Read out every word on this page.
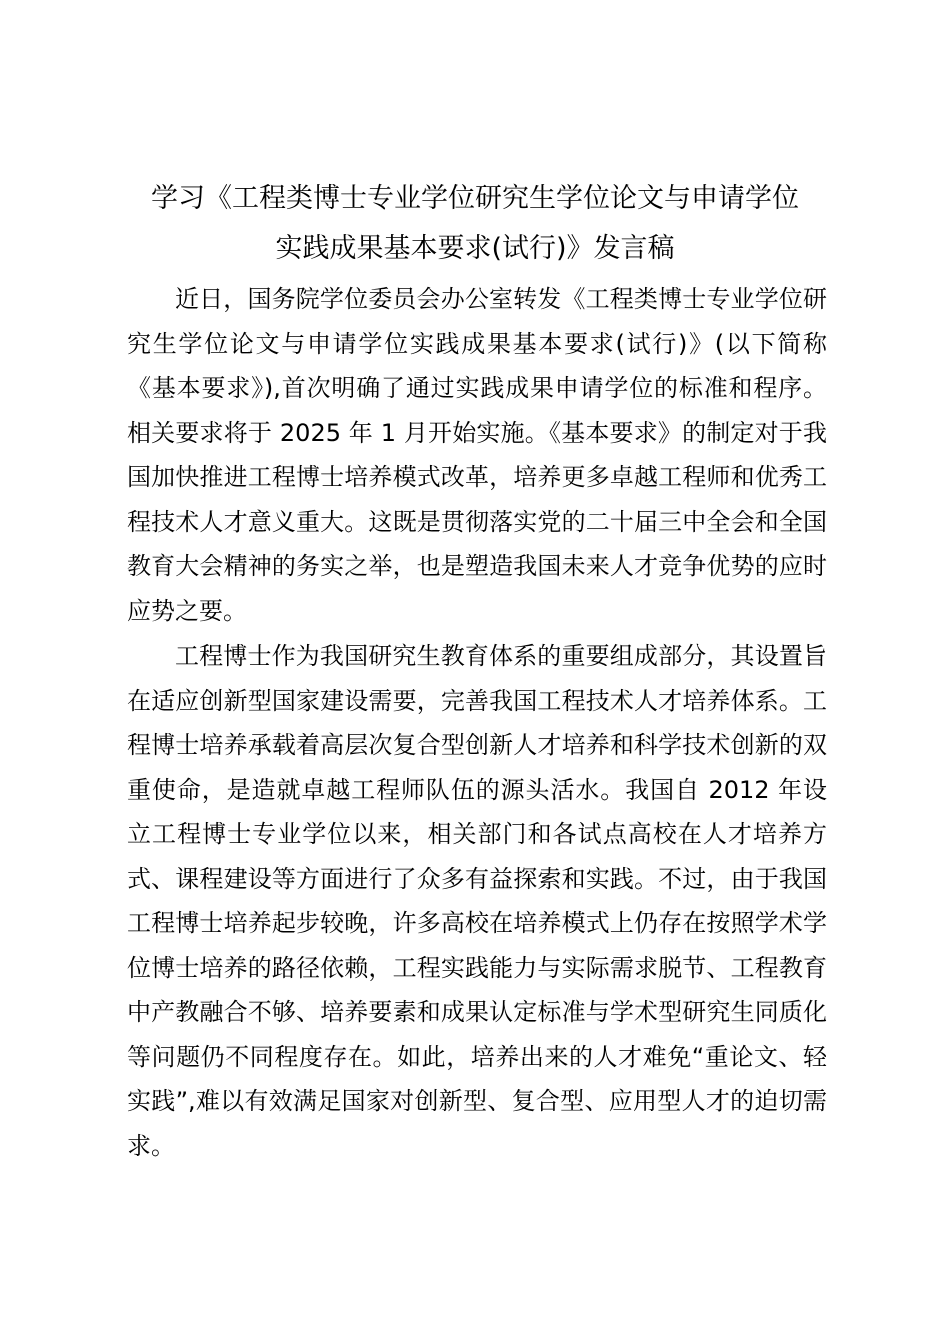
学习《工程类博士专业学位研究生学位论文与申请学位
实践成果基本要求(试行)》发言稿

近日，国务院学位委员会办公室转发《工程类博士专业学位研究生学位论文与申请学位实践成果基本要求(试行)》(以下简称《基本要求》),首次明确了通过实践成果申请学位的标准和程序。相关要求将于 2025 年 1 月开始实施。《基本要求》的制定对于我国加快推进工程博士培养模式改革，培养更多卓越工程师和优秀工程技术人才意义重大。这既是贯彻落实党的二十届三中全会和全国教育大会精神的务实之举，也是塑造我国未来人才竞争优势的应时应势之要。

工程博士作为我国研究生教育体系的重要组成部分，其设置旨在适应创新型国家建设需要，完善我国工程技术人才培养体系。工程博士培养承载着高层次复合型创新人才培养和科学技术创新的双重使命，是造就卓越工程师队伍的源头活水。我国自 2012 年设立工程博士专业学位以来，相关部门和各试点高校在人才培养方式、课程建设等方面进行了众多有益探索和实践。不过，由于我国工程博士培养起步较晚，许多高校在培养模式上仍存在按照学术学位博士培养的路径依赖，工程实践能力与实际需求脱节、工程教育中产教融合不够、培养要素和成果认定标准与学术型研究生同质化等问题仍不同程度存在。如此，培养出来的人才难免“重论文、轻实践”,难以有效满足国家对创新型、复合型、应用型人才的迫切需求。
